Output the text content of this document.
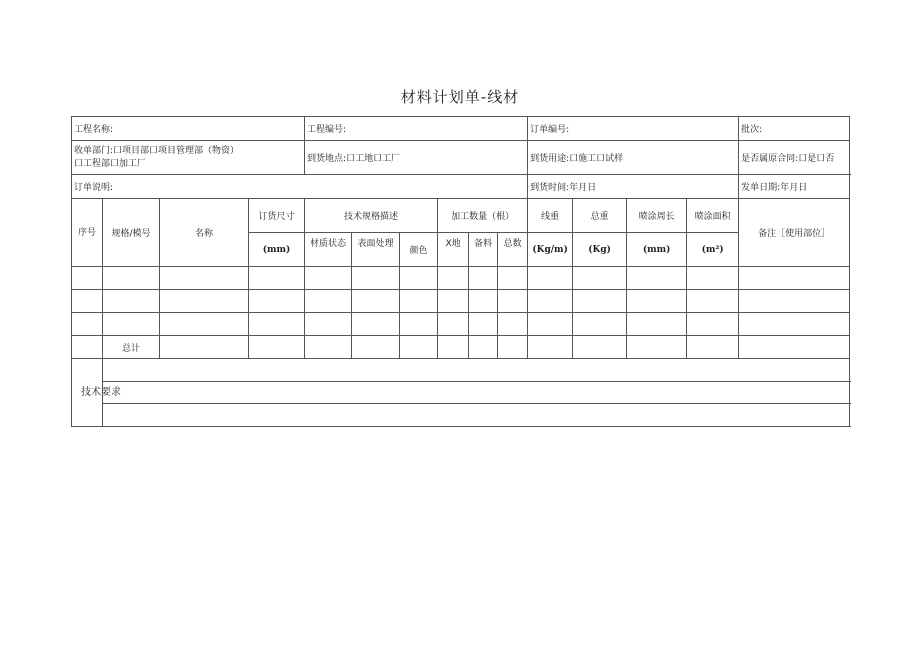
材料计划单-线材
工程名称:				工程编号:						订单编号:				批次:	

收单部门:口项目部口项目管理部（物资）
口工程部口加工厂				到货地点:口工地口工厂						到货用途:口施工口试样				是否属原合同:口是口否	
订单说明:										到货时间:年月日				发单日期:年月日	
序号	规格/模号	名称	订货尺寸	技术规格描述			加工数量（根）			线重	总重	喷涂周长	喷涂面积	备注［使用部位］	
			(mm)	材质状态	表面处理	颜色	X地	备料	总数	(Kg/m)	(Kg)	(mm)	(m²)		

	总计														

技术要求															
